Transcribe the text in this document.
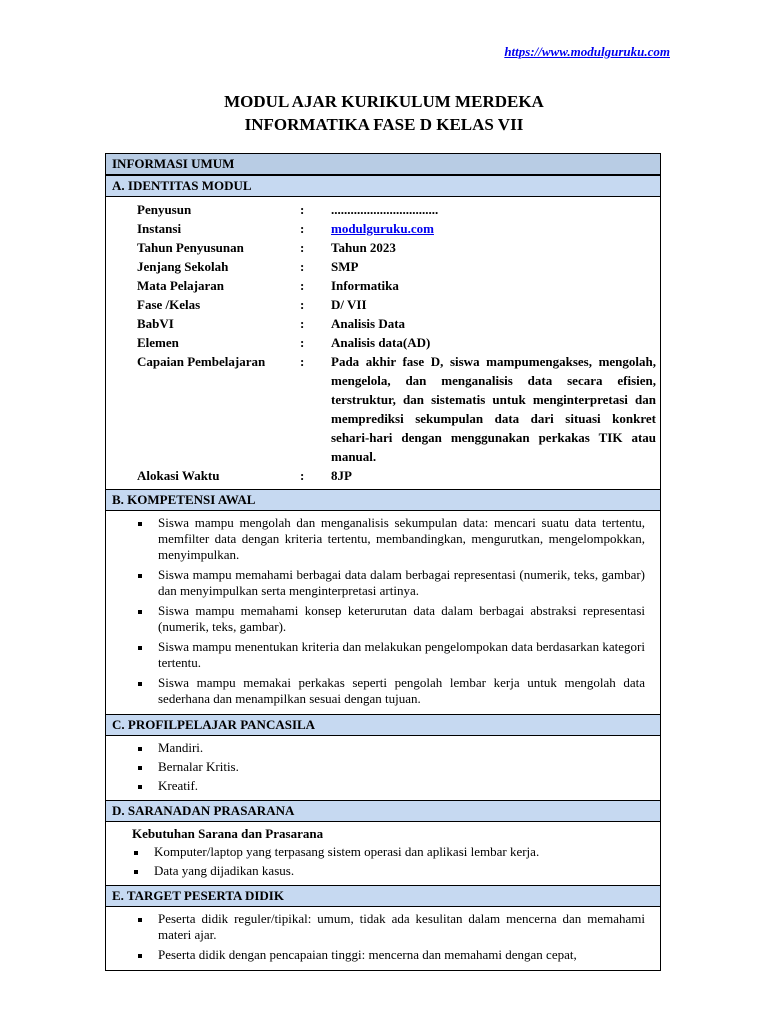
https://www.modulguruku.com
MODUL AJAR KURIKULUM MERDEKA
INFORMATIKA FASE D KELAS VII
INFORMASI UMUM
A. IDENTITAS MODUL
Penyusun	:	.................................
Instansi	:	modulguruku.com
Tahun Penyusunan	:	Tahun 2023
Jenjang Sekolah	:	SMP
Mata Pelajaran	:	Informatika
Fase /Kelas	:	D/ VII
BabVI	:	Analisis Data
Elemen	:	Analisis data(AD)
Capaian Pembelajaran	:	Pada akhir fase D, siswa mampumengakses, mengolah, mengelola, dan menganalisis data secara efisien, terstruktur, dan sistematis untuk menginterpretasi dan memprediksi sekumpulan data dari situasi konkret sehari-hari dengan menggunakan perkakas TIK atau manual.
Alokasi Waktu	:	8JP
B. KOMPETENSI AWAL
Siswa mampu mengolah dan menganalisis sekumpulan data: mencari suatu data tertentu, memfilter data dengan kriteria tertentu, membandingkan, mengurutkan, mengelompokkan, menyimpulkan.
Siswa mampu memahami berbagai data dalam berbagai representasi (numerik, teks, gambar) dan menyimpulkan serta menginterpretasi artinya.
Siswa mampu memahami konsep keterurutan data dalam berbagai abstraksi representasi (numerik, teks, gambar).
Siswa mampu menentukan kriteria dan melakukan pengelompokan data berdasarkan kategori tertentu.
Siswa mampu memakai perkakas seperti pengolah lembar kerja untuk mengolah data sederhana dan menampilkan sesuai dengan tujuan.
C. PROFILPELAJAR PANCASILA
Mandiri.
Bernalar Kritis.
Kreatif.
D. SARANADAN PRASARANA
Kebutuhan Sarana dan Prasarana
Komputer/laptop yang terpasang sistem operasi dan aplikasi lembar kerja.
Data yang dijadikan kasus.
E. TARGET PESERTA DIDIK
Peserta didik reguler/tipikal: umum, tidak ada kesulitan dalam mencerna dan memahami materi ajar.
Peserta didik dengan pencapaian tinggi: mencerna dan memahami dengan cepat,
